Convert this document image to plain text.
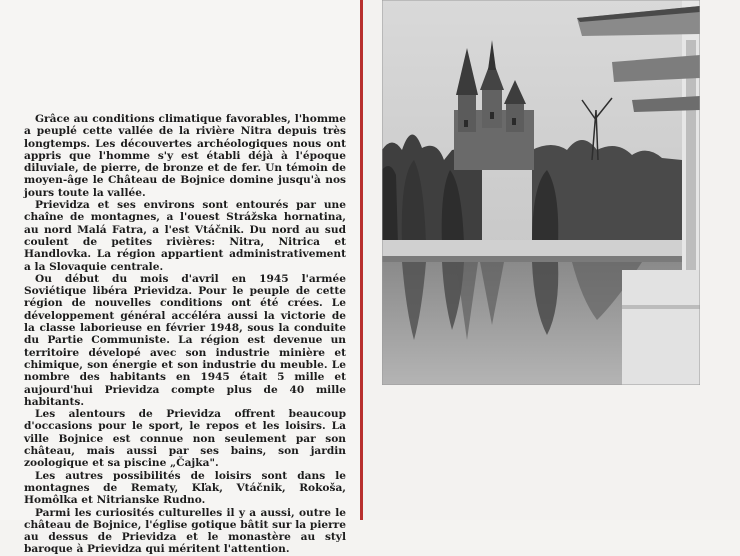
Grâce au conditions climatique favorables, l'homme a peuplé cette vallée de la rivière Nitra depuis très longtemps. Les découvertes archéologiques nous ont appris que l'homme s'y est établi déjà à l'époque diluviale, de pierre, de bronze et de fer. Un témoin de moyen-âge le Château de Bojnice domine jusqu'à nos jours toute la vallée.

Prievidza et ses environs sont entourés par une chaîne de montagnes, a l'ouest Strážska hornatina, au nord Malá Fatra, a l'est Vtáčnik. Du nord au sud coulent de petites rivières: Nitra, Nitrica et Handlovka. La région appartient administrativement a la Slovaquie centrale.

Ou début du mois d'avril en 1945 l'armée Soviétique libéra Prievidza. Pour le peuple de cette région de nouvelles conditions ont été crées. Le développement général accéléra aussi la victorie de la classe laborieuse en février 1948, sous la conduite du Partie Communiste. La région est devenue un territoire dévelopé avec son industrie minière et chimique, son énergie et son industrie du meuble. Le nombre des habitants en 1945 était 5 mille et aujourd'hui Prievidza compte plus de 40 mille habitants.

Les alentours de Prievidza offrent beaucoup d'occasions pour le sport, le repos et les loisirs. La ville Bojnice est connue non seulement par son château, mais aussi par ses bains, son jardin zoologique et sa piscine „Čajka".

Les autres possibilités de loisirs sont dans le montagnes de Rematy, Kľak, Vtáčnik, Rokoša, Homôlka et Nitrianske Rudno.

Parmi les curiosités culturelles il y a aussi, outre le château de Bojnice, l'église gotique bâtit sur la pierre au dessus de Prievidza et le monastère au styl baroque à Prievidza qui méritent l'attention.
